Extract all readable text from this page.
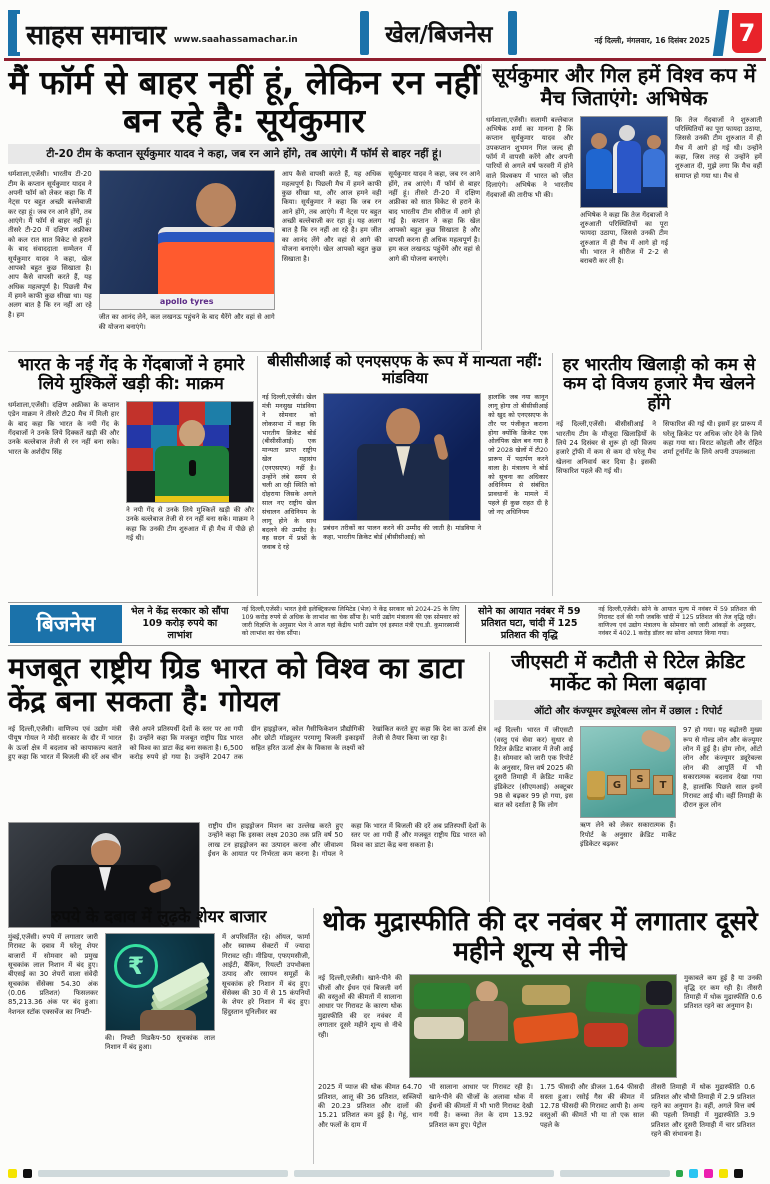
साहस समाचार www.saahassamachar.in	खेल/बिजनेस	नई दिल्ली, मंगलवार, 16 दिसंबर 2025 7
मैं फॉर्म से बाहर नहीं हूं, लेकिन रन नहीं बन रहे है: सूर्यकुमार
टी-20 टीम के कप्तान सूर्यकुमार यादव ने कहा, जब रन आने होंगे, तब आएंगे। मैं फॉर्म से बाहर नहीं हूं।
धर्मशाला,एजेंसी। भारतीय टी-20 टीम के कप्तान सूर्यकुमार यादव ने अपनी फॉर्म को लेकर कहा कि मैं नेट्स पर बहुत अच्छी बल्लेबाजी कर रहा हूं। जब रन आने होंगे, तब आएंगे। मैं फॉर्म से बाहर नहीं हूं। तीसरे टी-20 में दक्षिण अफ्रीका को कल रात सात विकेट से हराने के बाद संवाददाता सम्मेलन में सूर्यकुमार यादव ने कहा, खेल आपको बहुत कुछ सिखाता है। आप कैसे वापसी करते हैं, यह अधिक महत्वपूर्ण है। पिछली मैच में हमने काफी कुछ सीखा था। यह अलग बात है कि रन नहीं आ रहे है। हम
apollo tyres
जीत का आनंद लेने, कल लखनऊ पहुंचने के बाद थैरेंगे और वहां से आगे की योजना बनाएंगे।
आप कैसे वापसी करते हैं, यह अधिक महत्वपूर्ण है। पिछली मैच में हमने काफी कुछ सीखा था, और आज हमने वही किया। सूर्यकुमार ने कहा कि जब रन आने होंगे, तब आएंगे। मैं नेट्स पर बहुत अच्छी बल्लेबाजी कर रहा हूं। यह अलग बात है कि रन नहीं आ रहे है। हम जीत का आनंद लेंगे और वहां से आगे की योजना बनाएंगे। खेल आपको बहुत कुछ सिखाता है।
सूर्यकुमार यादव ने कहा, जब रन आने होंगे, तब आएंगे। मैं फॉर्म से बाहर नहीं हूं। तीसरे टी-20 में दक्षिण अफ्रीका को सात विकेट से हराने के बाद भारतीय टीम सीरीज में आगे हो गई है। कप्तान ने कहा कि खेल आपको बहुत कुछ सिखाता है और वापसी करना ही अधिक महत्वपूर्ण है। हम कल लखनऊ पहुंचेंगे और वहां से आगे की योजना बनाएंगे।
सूर्यकुमार और गिल हमें विश्व कप में मैच जिताएंगे: अभिषेक
धर्मशाला,एजेंसी। सलामी बल्लेबाज अभिषेक शर्मा का मानना है कि कप्तान सूर्यकुमार यादव और उपकप्तान शुभमन गिल जल्द ही फॉर्म में वापसी करेंगे और अपनी पारियों से अगले वर्ष फरवरी में होने वाले विश्वकप में भारत को जीत दिलाएंगे। अभिषेक ने भारतीय गेंदबाजों की तारीफ भी की।
अभिषेक ने कहा कि तेज गेंदबाजों ने शुरुआती परिस्थितियों का पूरा फायदा उठाया, जिससे उनकी टीम शुरुआत में ही मैच में आगे हो गई थी। भारत ने सीरीज में 2-2 से बराबरी कर ली है।
कि तेज गेंदबाजों ने शुरुआती परिस्थितियों का पूरा फायदा उठाया, जिससे उनकी टीम शुरुआत में ही मैच में आगे हो गई थी। उन्होंने कहा, जिस तरह से उन्होंने हमें शुरुआत दी, मुझे लगा कि मैच वहीं समाप्त हो गया था। मैच से
भारत के नई गेंद के गेंदबाजों ने हमारे लिये मुश्किलें खड़ी की: माक्रम
धर्मशाला,एजेंसी। दक्षिण अफ्रीका के कप्तान एडेन माक्रम ने तीसरे टी20 मैच में मिली हार के बाद कहा कि भारत के नयी गेंद के गेंदबाजों ने उनके लिये दिक्कतें खड़ी की और उनके बल्लेबाज तेजी से रन नहीं बना सके। भारत के अर्शदीप सिंह
ने नयी गेंद से उनके लिये मुश्किलें खड़ी की और उनके बल्लेबाज तेजी से रन नहीं बना सके। माक्रम ने कहा कि उनकी टीम शुरुआत में ही मैच में पीछे हो गई थी।
बीसीसीआई को एनएसएफ के रूप में मान्यता नहीं: मांडविया
नई दिल्ली,एजेंसी। खेल मंत्री मनसुख मांडविया ने सोमवार को लोकसभा में कहा कि भारतीय क्रिकेट बोर्ड (बीसीसीआई) एक मान्यता प्राप्त राष्ट्रीय खेल महासंघ (एनएसएफ) नहीं है। उन्होंने लंबे समय से चली आ रही स्थिति को दोहराया जिसके अगले साल नए राष्ट्रीय खेल संचालन अधिनियम के लागू होने के साथ बदलने की उम्मीद है। वह सदन में प्रश्नों के जवाब दे रहे
प्रबंधन तरीकों का पालन करने की उम्मीद की जाती है। मांडविया ने कहा, भारतीय क्रिकेट बोर्ड (बीसीसीआई) को
हालांकि जब नया कानून लागू होगा तो बीसीसीआई को खुद को एनएसएफ के तौर पर पंजीकृत कराना होगा क्योंकि क्रिकेट एक ओलंपिक खेल बन गया है जो 2028 खेलों में टी20 प्रारूप में पदार्पण करने वाला है। मंत्रालय ने बोर्ड को सूचना का अधिकार अधिनियम से संबंधित प्रावधानों के मामले में पहले ही कुछ राहत दी है जो नए अधिनियम
हर भारतीय खिलाड़ी को कम से कम दो विजय हजारे मैच खेलने होंगे
नई दिल्ली,एजेंसी। बीसीसीआई ने भारतीय टीम के मौजूदा खिलाड़ियों के लिये 24 दिसंबर से शुरू हो रही विजय हजारे ट्रॉफी में कम से कम दो घरेलू मैच खेलना अनिवार्य कर दिया है। इसकी सिफारिश पहले की गई थी।
सिफारिश की गई थी। इसमें हर प्रारूप में घरेलू क्रिकेट पर अधिक जोर देने के लिये कहा गया था। विराट कोहली और रोहित शर्मा टूर्नामेंट के लिये अपनी उपलब्धता
बिजनेस
भेल ने केंद्र सरकार को सौंपा 109 करोड़ रुपये का लाभांश
नई दिल्ली,एजेंसी। भारत हेवी इलेक्ट्रिकल्स लिमिटेड (भेल) ने केंद्र सरकार को 2024-25 के लिए 109 करोड़ रुपये से अधिक के लाभांश का चेक सौंपा है। भारी उद्योग मंत्रालय की एक सोमवार को जारी विज्ञप्ति के अनुसार भेल ने आज यहां केंद्रीय भारी उद्योग एवं इस्पात मंत्री एच.डी. कुमारस्वामी को लाभांश का चेक सौंपा।
सोने का आयात नवंबर में 59 प्रतिशत घटा, चांदी में 125 प्रतिशत की वृद्धि
नई दिल्ली,एजेंसी। सोने के आयात मूल्य में नवंबर में 59 प्रतिशत की गिरावट दर्ज की गयी जबकि चांदी में 125 प्रतिशत की तेज वृद्धि रही। वाणिज्य एवं उद्योग मंत्रालय के सोमवार को जारी आंकड़ों के अनुसार, नवंबर में 402.1 करोड़ डॉलर का सोना आयात किया गया।
मजबूत राष्ट्रीय ग्रिड भारत को विश्व का डाटा केंद्र बना सकता है: गोयल
नई दिल्ली,एजेंसी। वाणिज्य एवं उद्योग मंत्री पीयूष गोयल ने मोदी सरकार के दौर में भारत के ऊर्जा क्षेत्र में बदलाव को कायाकल्प बताते हुए कहा कि भारत में बिजली की दरें अब चीन जैसे अपने प्रतिस्पर्धी देशों के स्तर पर आ गयी हैं। उन्होंने कहा कि मजबूत राष्ट्रीय ग्रिड भारत को विश्व का डाटा केंद्र बना सकता है। 6,500 करोड़ रुपये हो गया है। उन्होंने 2047 तक ग्रीन हाइड्रोजन, कोल गैसीफिकेशन प्रौद्योगिकी और छोटी मॉड्यूलर परमाणु बिजली इकाइयों सहित हरित ऊर्जा क्षेत्र के विकास के लक्ष्यों को रेखांकित करते हुए कहा कि देश का ऊर्जा क्षेत्र तेजी से तैयार किया जा रहा है।
राष्ट्रीय ग्रीन हाइड्रोजन मिशन का उल्लेख करते हुए उन्होंने कहा कि इसका लक्ष्य 2030 तक प्रति वर्ष 50 लाख टन हाइड्रोजन का उत्पादन करना और जीवाश्म ईंधन के आयात पर निर्भरता कम करना है। गोयल ने कहा कि भारत में बिजली की दरें अब प्रतिस्पर्धी देशों के स्तर पर आ गयी हैं और मजबूत राष्ट्रीय ग्रिड भारत को विश्व का डाटा केंद्र बना सकता है।
जीएसटी में कटौती से रिटेल क्रेडिट मार्केट को मिला बढ़ावा
ऑटो और कंज्यूमर ड्यूरेबल्स लोन में उछाल : रिपोर्ट
नई दिल्ली। भारत में जीएसटी (वस्तु एवं सेवा कर) सुधार से रिटेल क्रेडिट बाजार में तेजी आई है। सोमवार को जारी एक रिपोर्ट के अनुसार, वित्त वर्ष 2025 की दूसरी तिमाही में क्रेडिट मार्केट इंडिकेटर (सीएमआई) अक्टूबर 98 से बढ़कर 99 हो गया, इस बात को दर्शाता है कि लोग
G
S
T
ऋण लेने को लेकर सकारात्मक हैं। रिपोर्ट के अनुसार क्रेडिट मार्केट इंडिकेटर बढ़कर
97 हो गया। यह बढ़ोतरी मुख्य रूप से गोल्ड लोन और कंज्यूमर लोन में हुई है। होम लोन, ऑटो लोन और कंज्यूमर ड्यूरेबल्स लोन की आपूर्ति में भी सकारात्मक बदलाव देखा गया है, हालांकि पिछले साल इनमें गिरावट आई थी। वहीं तिमाही के दौरान कुल लोन
रुपये के दबाव में लुढ़के शेयर बाजार
मुंबई,एजेंसी। रुपये में लगातार जारी गिरावट के दबाव में घरेलू शेयर बाजारों में सोमवार को प्रमुख सूचकांक लाल निशान में बंद हुए। बीएसई का 30 शेयरों वाला संवेदी सूचकांक सेंसेक्स 54.30 अंक (0.06 प्रतिशत) फिसलकर 85,213.36 अंक पर बंद हुआ। नेशनल स्टॉक एक्सचेंज का निफ्टी-
₹
की। निफ्टी मिडकैप-50 सूचकांक लाल निशान में बंद हुआ।
में अपरिवर्तित रहे। ऑयल, फार्मा और स्वास्थ्य सेक्टरों में ज्यादा गिरावट रही। मीडिया, एफएमसीजी, आईटी, बैंकिंग, रियल्टी उपभोक्ता उत्पाद और रसायन समूहों के सूचकांक हरे निशान में बंद हुए। सेंसेक्स की 30 में से 15 कंपनियों के शेयर हरे निशान में बंद हुए। हिंदुस्तान यूनिलीवर का
थोक मुद्रास्फीति की दर नवंबर में लगातार दूसरे महीने शून्य से नीचे
नई दिल्ली,एजेंसी। खाने-पीने की चीजों और ईंधन एवं बिजली वर्ग की वस्तुओं की कीमतों में सालाना आधार पर गिरावट के कारण थोक मुद्रास्फीति की दर नवंबर में लगातार दूसरे महीने शून्य से नीचे रही।
मुकाबले कम हुई है या उनकी वृद्धि दर कम रही है। तीसरी तिमाही में थोक मुद्रास्फीति 0.6 प्रतिशत रहने का अनुमान है।
2025 में प्याज की थोक कीमत 64.70 प्रतिशत, आलू की 36 प्रतिशत, सब्जियों की 20.23 प्रतिशत और दालों की 15.21 प्रतिशत कम हुई है। गेहूं, धान और फलों के दाम में
भी सालाना आधार पर गिरावट रही है। खाने-पीने की चीजों के अलावा थोक में ईंधनों की कीमतों में भी भारी गिरावट देखी गयी है। कच्चा तेल के दाम 13.92 प्रतिशत कम हुए। पेट्रोल
1.75 फीसदी और डीजल 1.64 फीसदी सस्ता हुआ। रसोई गैस की कीमत में 12.78 फीसदी की गिरावट आयी है। अन्य वस्तुओं की कीमतें भी या तो एक साल पहले के
तीसरी तिमाही में थोक मुद्रास्फीति 0.6 प्रतिशत और चौथी तिमाही में 2.9 प्रतिशत रहने का अनुमान है। वहीं, अगले वित्त वर्ष की पहली तिमाही में मुद्रास्फीति 3.9 प्रतिशत और दूसरी तिमाही में चार प्रतिशत रहने की संभावना है।
